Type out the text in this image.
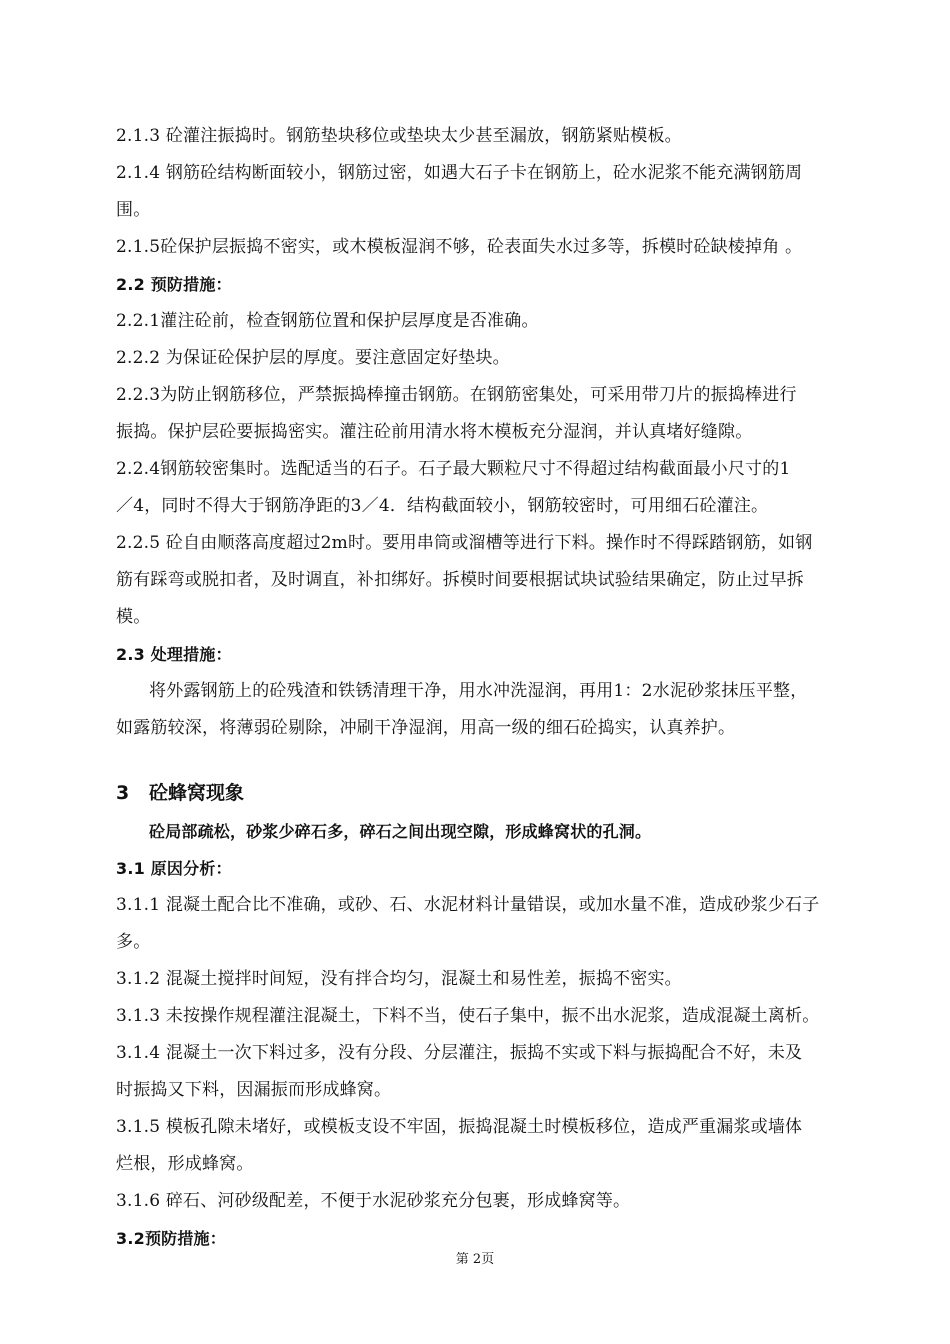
2.1.3 砼灌注振捣时。钢筋垫块移位或垫块太少甚至漏放，钢筋紧贴模板。
2.1.4 钢筋砼结构断面较小，钢筋过密，如遇大石子卡在钢筋上，砼水泥浆不能充满钢筋周
围。
2.1.5砼保护层振捣不密实，或木模板湿润不够，砼表面失水过多等，拆模时砼缺棱掉角 。
2.2 预防措施：
2.2.1灌注砼前，检查钢筋位置和保护层厚度是否准确。
2.2.2 为保证砼保护层的厚度。要注意固定好垫块。
2.2.3为防止钢筋移位，严禁振捣棒撞击钢筋。在钢筋密集处，可采用带刀片的振捣棒进行
振捣。保护层砼要振捣密实。灌注砼前用清水将木模板充分湿润，并认真堵好缝隙。
2.2.4钢筋较密集时。选配适当的石子。石子最大颗粒尺寸不得超过结构截面最小尺寸的1
／4，同时不得大于钢筋净距的3／4．结构截面较小，钢筋较密时，可用细石砼灌注。
2.2.5 砼自由顺落高度超过2m时。要用串筒或溜槽等进行下料。操作时不得踩踏钢筋，如钢
筋有踩弯或脱扣者，及时调直，补扣绑好。拆模时间要根据试块试验结果确定，防止过早拆
模。
2.3 处理措施：
将外露钢筋上的砼残渣和铁锈清理干净，用水冲洗湿润，再用1：2水泥砂浆抹压平整，
如露筋较深，将薄弱砼剔除，冲刷干净湿润，用高一级的细石砼捣实，认真养护。
3 砼蜂窝现象
砼局部疏松，砂浆少碎石多，碎石之间出现空隙，形成蜂窝状的孔洞。
3.1 原因分析：
3.1.1 混凝土配合比不准确，或砂、石、水泥材料计量错误，或加水量不准，造成砂浆少石子
多。
3.1.2 混凝土搅拌时间短，没有拌合均匀，混凝土和易性差，振捣不密实。
3.1.3 未按操作规程灌注混凝土，下料不当，使石子集中，振不出水泥浆，造成混凝土离析。
3.1.4 混凝土一次下料过多，没有分段、分层灌注，振捣不实或下料与振捣配合不好，未及
时振捣又下料，因漏振而形成蜂窝。
3.1.5 模板孔隙未堵好，或模板支设不牢固，振捣混凝土时模板移位，造成严重漏浆或墙体
烂根，形成蜂窝。
3.1.6 碎石、河砂级配差，不便于水泥砂浆充分包裹，形成蜂窝等。
3.2预防措施：
第 2页
